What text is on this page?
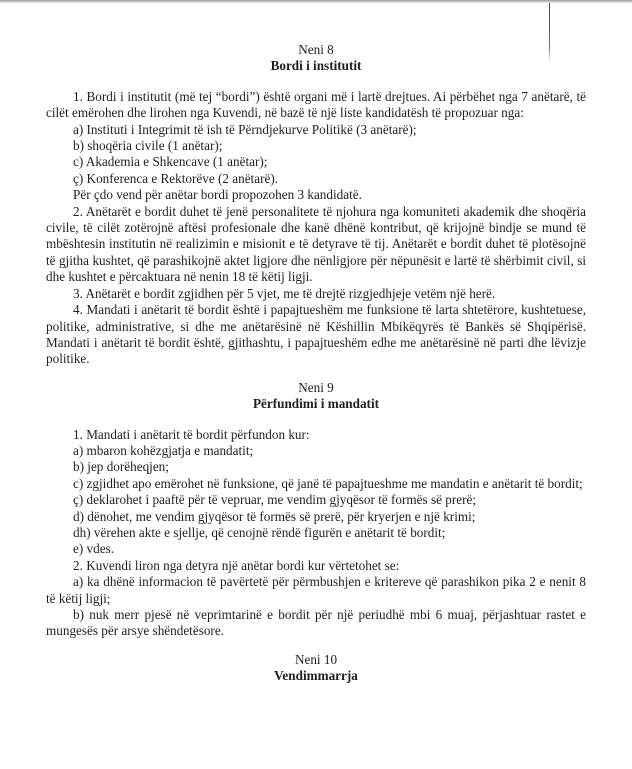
Neni 8

Bordi i institutit

1. Bordi i institutit (më tej “bordi”) është organi më i lartë drejtues. Ai përbëhet nga 7 anëtarë, të cilët emërohen dhe lirohen nga Kuvendi, në bazë të një liste kandidatësh të propozuar nga:

a) Instituti i Integrimit të ish të Përndjekurve Politikë (3 anëtarë);

b) shoqëria civile (1 anëtar);

c) Akademia e Shkencave (1 anëtar);

ç) Konferenca e Rektorëve (2 anëtarë).

Për çdo vend për anëtar bordi propozohen 3 kandidatë.

2. Anëtarët e bordit duhet të jenë personalitete të njohura nga komuniteti akademik dhe shoqëria civile, të cilët zotërojnë aftësi profesionale dhe kanë dhënë kontribut, që krijojnë bindje se mund të mbështesin institutin në realizimin e misionit e të detyrave të tij. Anëtarët e bordit duhet të plotësojnë të gjitha kushtet, që parashikojnë aktet ligjore dhe nënligjore për nëpunësit e lartë të shërbimit civil, si dhe kushtet e përcaktuara në nenin 18 të këtij ligji.

3. Anëtarët e bordit zgjidhen për 5 vjet, me të drejtë rizgjedhjeje vetëm një herë.

4. Mandati i anëtarit të bordit është i papajtueshëm me funksione të larta shtetërore, kushtetuese, politike, administrative, si dhe me anëtarësinë në Këshillin Mbikëqyrës të Bankës së Shqipërisë. Mandati i anëtarit të bordit është, gjithashtu, i papajtueshëm edhe me anëtarësinë në parti dhe lëvizje politike.

Neni 9

Përfundimi i mandatit

1. Mandati i anëtarit të bordit përfundon kur:

a) mbaron kohëzgjatja e mandatit;

b) jep dorëheqjen;

c) zgjidhet apo emërohet në funksione, që janë të papajtueshme me mandatin e anëtarit të bordit;

ç) deklarohet i paaftë për të vepruar, me vendim gjyqësor të formës së prerë;

d) dënohet, me vendim gjyqësor të formës së prerë, për kryerjen e një krimi;

dh) vërehen akte e sjellje, që cenojnë rëndë figurën e anëtarit të bordit;

e) vdes.

2. Kuvendi liron nga detyra një anëtar bordi kur vërtetohet se:

a) ka dhënë informacion të pavërtetë për përmbushjen e kritereve që parashikon pika 2 e nenit 8 të këtij ligji;

b) nuk merr pjesë në veprimtarinë e bordit për një periudhë mbi 6 muaj, përjashtuar rastet e mungesës për arsye shëndetësore.

Neni 10

Vendimmarrja
